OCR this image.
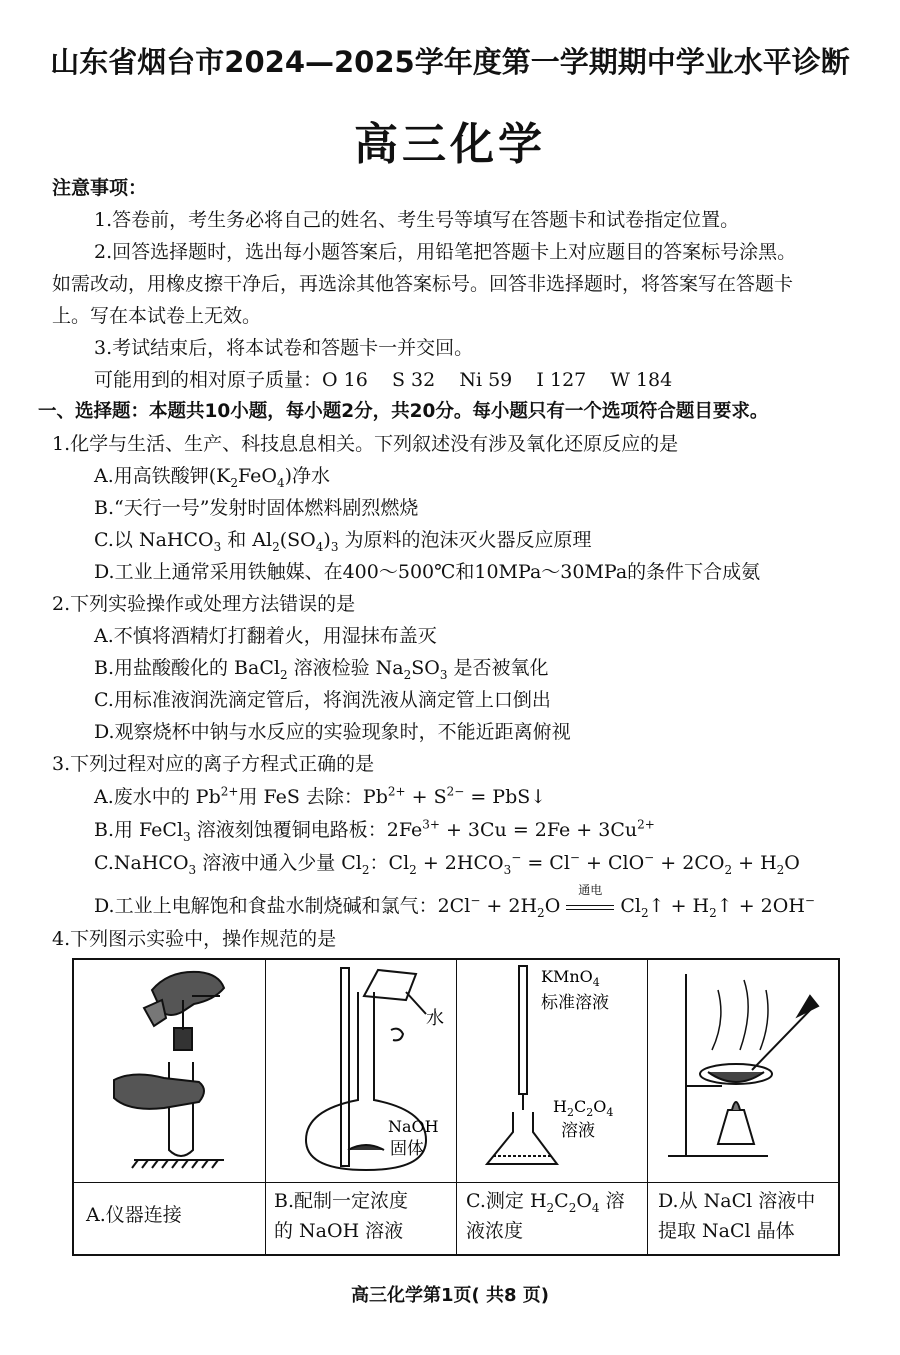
山东省烟台市2024—2025学年度第一学期期中学业水平诊断
高三化学
注意事项：
1.答卷前，考生务必将自己的姓名、考生号等填写在答题卡和试卷指定位置。
2.回答选择题时，选出每小题答案后，用铅笔把答题卡上对应题目的答案标号涂黑。
如需改动，用橡皮擦干净后，再选涂其他答案标号。回答非选择题时，将答案写在答题卡
上。写在本试卷上无效。
3.考试结束后，将本试卷和答题卡一并交回。
可能用到的相对原子质量：O 16    S 32    Ni 59    I 127    W 184
一、选择题：本题共10小题，每小题2分，共20分。每小题只有一个选项符合题目要求。
1.化学与生活、生产、科技息息相关。下列叙述没有涉及氧化还原反应的是
A.用高铁酸钾$(K_2FeO_4)$净水
B.“天行一号”发射时固体燃料剧烈燃烧
C.以 NaHCO$_3$ 和 $Al_2(SO_4)_3$ 为原料的泡沫灭火器反应原理
D.工业上通常采用铁触媒、在400～500℃和10MPa～30MPa的条件下合成氨
2.下列实验操作或处理方法错误的是
A.不慎将酒精灯打翻着火，用湿抹布盖灭
B.用盐酸酸化的 BaCl$_2$ 溶液检验 $Na_2SO_3$ 是否被氧化
C.用标准液润洗滴定管后，将润洗液从滴定管上口倒出
D.观察烧杯中钠与水反应的实验现象时，不能近距离俯视
3.下列过程对应的离子方程式正确的是
A.废水中的 $Pb^{2+}$用 FeS 去除：$Pb^{2+} + S^{2-}$ = PbS↓
B.用 FeCl$_3$ 溶液刻蚀覆铜电路板：$2Fe^{3+} + 3Cu = 2Fe + 3Cu^{2+}$
C.NaHCO$_3$ 溶液中通入少量 $Cl_2$：$Cl_2 + 2HCO_3^- = Cl^- + ClO^- + 2CO_2 + H_2O$
D.工业上电解饱和食盐水制烧碱和氯气：$2Cl^- + 2H_2O$
通电
$Cl_2↑$ + $H_2↑ + 2OH^-$
4.下列图示实验中，操作规范的是
水
NaOH
固体
KMnO$_4$
标准溶液
$H_2C_2O_4$
溶液
A.仪器连接
B.配制一定浓度
的 NaOH 溶液
C.测定 $H_2C_2O_4$ 溶
液浓度
D.从 NaCl 溶液中
提取 NaCl 晶体
高三化学第1页( 共8 页)
